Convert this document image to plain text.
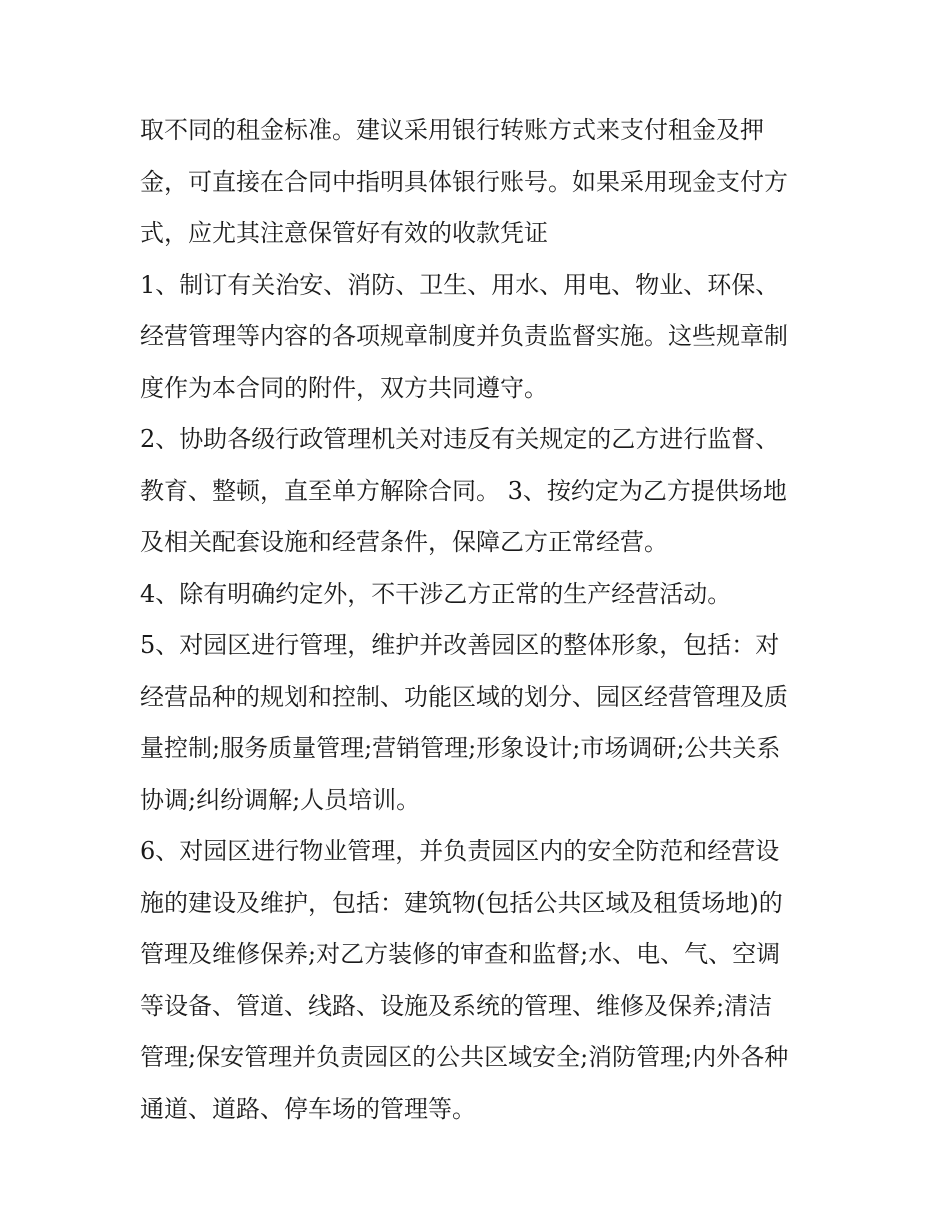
取不同的租金标准。建议采用银行转账方式来支付租金及押
金，可直接在合同中指明具体银行账号。如果采用现金支付方
式，应尤其注意保管好有效的收款凭证
1、制订有关治安、消防、卫生、用水、用电、物业、环保、
经营管理等内容的各项规章制度并负责监督实施。这些规章制
度作为本合同的附件，双方共同遵守。
2、协助各级行政管理机关对违反有关规定的乙方进行监督、
教育、整顿，直至单方解除合同。 3、按约定为乙方提供场地
及相关配套设施和经营条件，保障乙方正常经营。
4、除有明确约定外，不干涉乙方正常的生产经营活动。
5、对园区进行管理，维护并改善园区的整体形象，包括：对
经营品种的规划和控制、功能区域的划分、园区经营管理及质
量控制;服务质量管理;营销管理;形象设计;市场调研;公共关系
协调;纠纷调解;人员培训。
6、对园区进行物业管理，并负责园区内的安全防范和经营设
施的建设及维护，包括：建筑物(包括公共区域及租赁场地)的
管理及维修保养;对乙方装修的审查和监督;水、电、气、空调
等设备、管道、线路、设施及系统的管理、维修及保养;清洁
管理;保安管理并负责园区的公共区域安全;消防管理;内外各种
通道、道路、停车场的管理等。
